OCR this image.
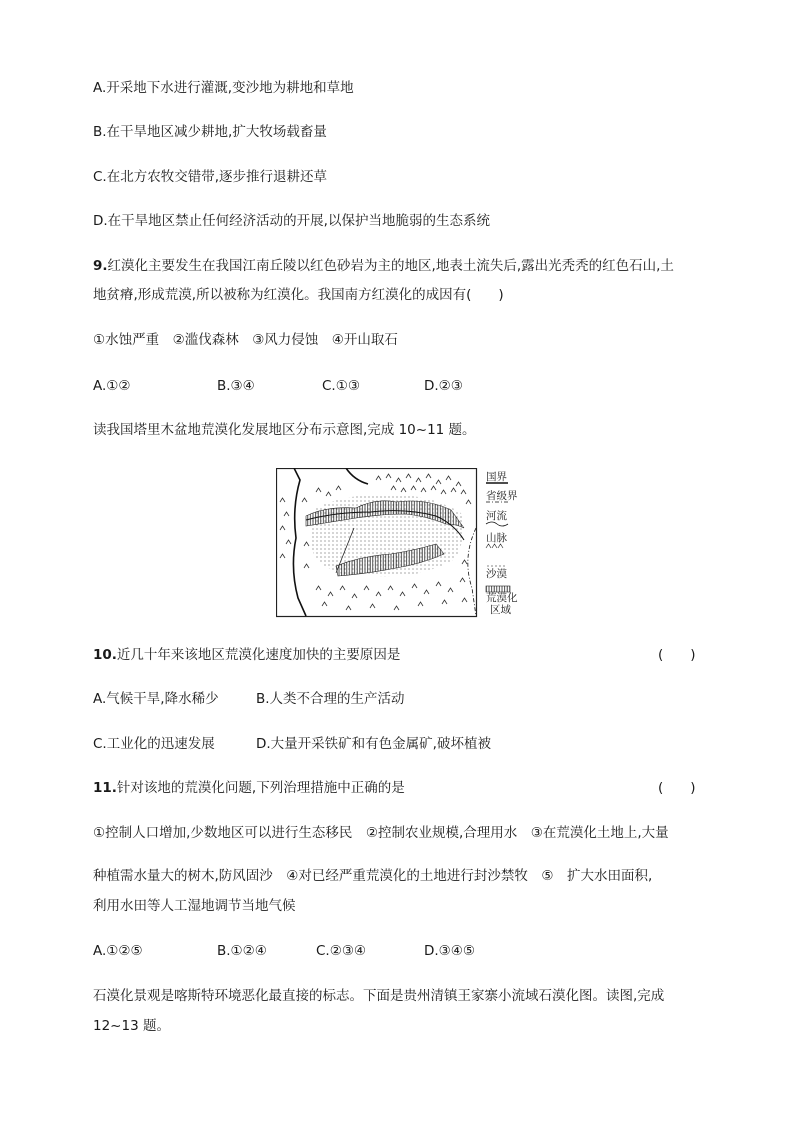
A.开采地下水进行灌溉,变沙地为耕地和草地
B.在干旱地区减少耕地,扩大牧场载畜量
C.在北方农牧交错带,逐步推行退耕还草
D.在干旱地区禁止任何经济活动的开展,以保护当地脆弱的生态系统
9.红漠化主要发生在我国江南丘陵以红色砂岩为主的地区,地表土流失后,露出光秃秃的红色石山,土
地贫瘠,形成荒漠,所以被称为红漠化。我国南方红漠化的成因有(　　)
①水蚀严重　②滥伐森林　③风力侵蚀　④开山取石
A.①②	B.③④	C.①③	D.②③
读我国塔里木盆地荒漠化发展地区分布示意图,完成 10~11 题。
国界
省级界
河流
山脉
沙漠
荒漠化
区域
10.近几十年来该地区荒漠化速度加快的主要原因是	(　　)
A.气候干旱,降水稀少	B.人类不合理的生产活动
C.工业化的迅速发展	D.大量开采铁矿和有色金属矿,破坏植被
11.针对该地的荒漠化问题,下列治理措施中正确的是	(　　)
①控制人口增加,少数地区可以进行生态移民　②控制农业规模,合理用水　③在荒漠化土地上,大量
种植需水量大的树木,防风固沙　④对已经严重荒漠化的土地进行封沙禁牧　⑤　扩大水田面积,
利用水田等人工湿地调节当地气候
A.①②⑤	B.①②④	C.②③④	D.③④⑤
石漠化景观是喀斯特环境恶化最直接的标志。下面是贵州清镇王家寨小流域石漠化图。读图,完成
12~13 题。
